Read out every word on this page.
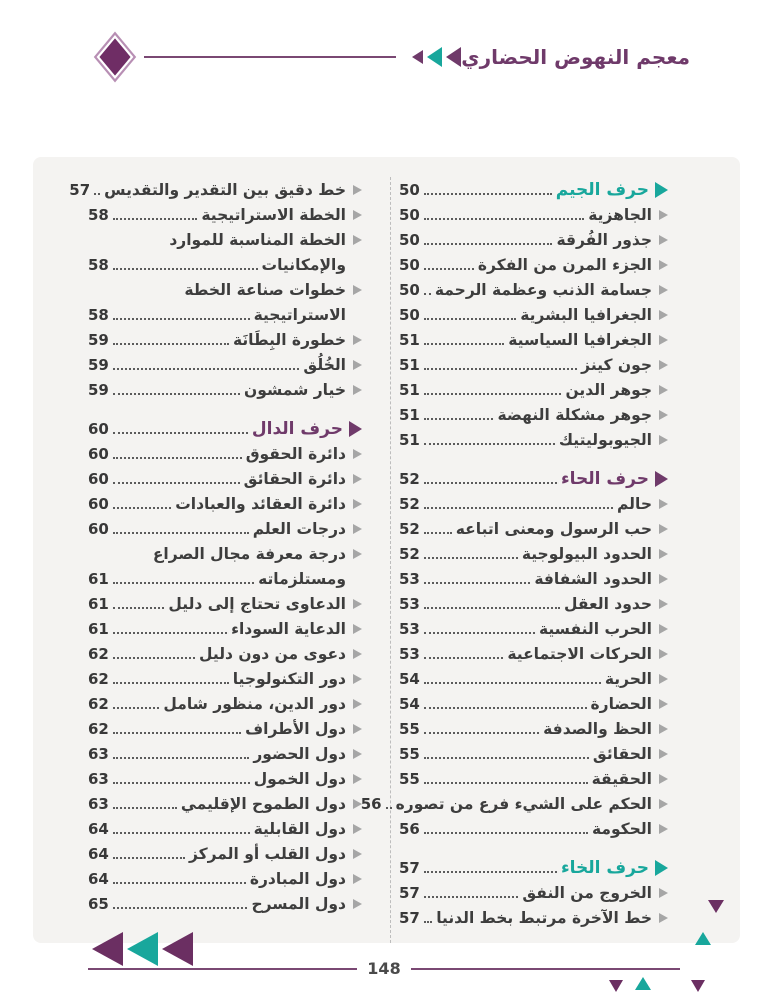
معجم النهوض الحضاري
حرف الجيم
50
الجاهزية
50
جذور الفُرقة
50
الجزء المرن من الفكرة
50
جسامة الذنب وعظمة الرحمة
50
الجغرافيا البشرية
50
الجغرافيا السياسية
51
جون كينز
51
جوهر الدين
51
جوهر مشكلة النهضة
51
الجيوبوليتيك
51
حرف الحاء
52
حالم
52
حب الرسول ومعنى اتباعه
52
الحدود البيولوجية
52
الحدود الشفافة
53
حدود العقل
53
الحرب النفسية
53
الحركات الاجتماعية
53
الحرية
54
الحضارة
54
الحظ والصدفة
55
الحقائق
55
الحقيقة
55
الحكم على الشيء فرع من تصوره
56
الحكومة
56
حرف الخاء
57
الخروج من النفق
57
خط الآخرة مرتبط بخط الدنيا
57
خط دقيق بين التقدير والتقديس
57
الخطة الاستراتيجية
58
الخطة المناسبة للموارد
والإمكانيات
58
خطوات صناعة الخطة
الاستراتيجية
58
خطورة البِطَانَة
59
الخُلُق
59
خيار شمشون
59
حرف الدال
60
دائرة الحقوق
60
دائرة الحقائق
60
دائرة العقائد والعبادات
60
درجات العلم
60
درجة معرفة مجال الصراع
ومستلزماته
61
الدعاوى تحتاج إلى دليل
61
الدعاية السوداء
61
دعوى من دون دليل
62
دور التكنولوجيا
62
دور الدين، منظور شامل
62
دول الأطراف
62
دول الحضور
63
دول الخمول
63
دول الطموح الإقليمي
63
دول القابلية
64
دول القلب أو المركز
64
دول المبادرة
64
دول المسرح
65
148
